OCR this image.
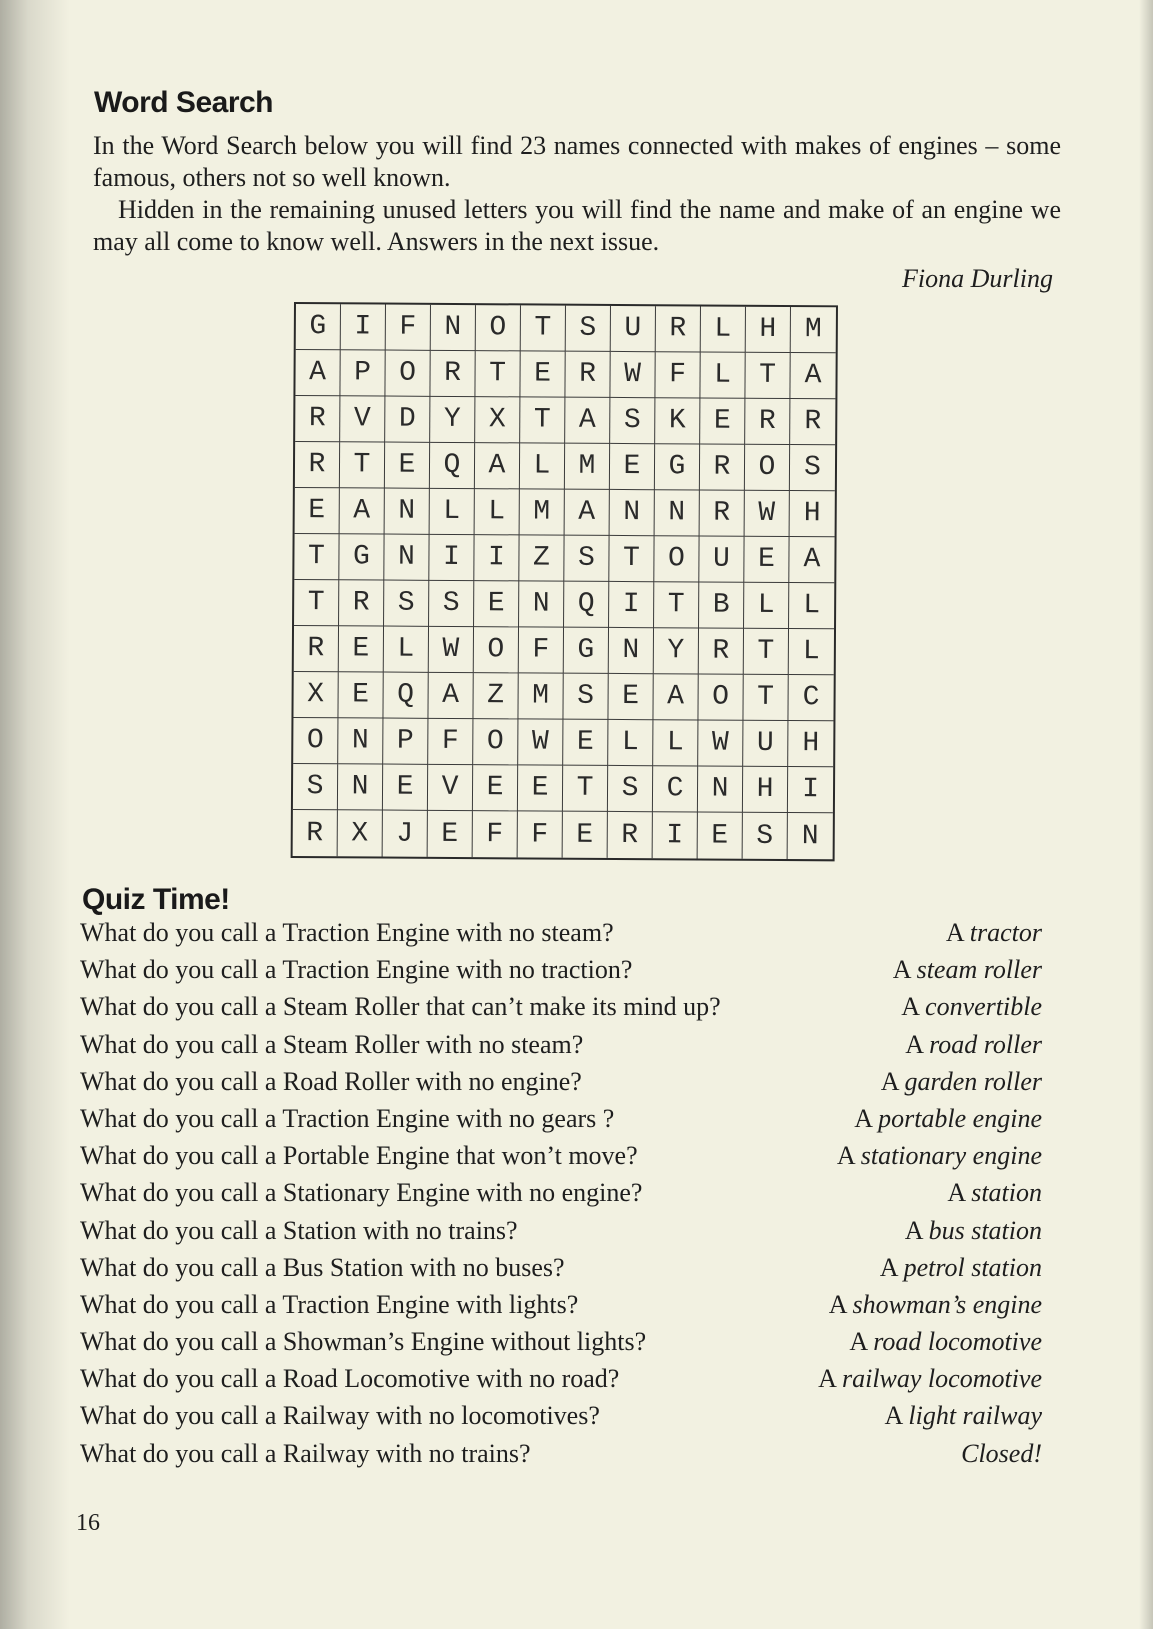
Word Search

In the Word Search below you will find 23 names connected with makes of engines – some famous, others not so well known.

Hidden in the remaining unused letters you will find the name and make of an engine we may all come to know well. Answers in the next issue.

Fiona Durling
G I F N O T S U R L H	M
A P O R T E R W F L T	A
R V D Y X T A S K E R	R
R T E Q A L M E G R O	S
E A N L L M A N N R W	H
T G N I I Z S T O U E	A
T R S S E N Q I T B L	L
R E L W O F G N Y R T	L
X E Q A Z M S E A O T	C
O N P F O W E L L W U	H
S N E V E E T S C N H	I
R X J E F F E R I E S	N
Quiz Time!
What do you call a Traction Engine with no steam?	A tractor
What do you call a Traction Engine with no traction?	A steam roller
What do you call a Steam Roller that can’t make its mind up?	A convertible
What do you call a Steam Roller with no steam?	A road roller
What do you call a Road Roller with no engine?	A garden roller
What do you call a Traction Engine with no gears ?	A portable engine
What do you call a Portable Engine that won’t move?	A stationary engine
What do you call a Stationary Engine with no engine?	A station
What do you call a Station with no trains?	A bus station
What do you call a Bus Station with no buses?	A petrol station
What do you call a Traction Engine with lights?	A showman’s engine
What do you call a Showman’s Engine without lights?	A road locomotive
What do you call a Road Locomotive with no road?	A railway locomotive
What do you call a Railway with no locomotives?	A light railway
What do you call a Railway with no trains?	Closed!
16
